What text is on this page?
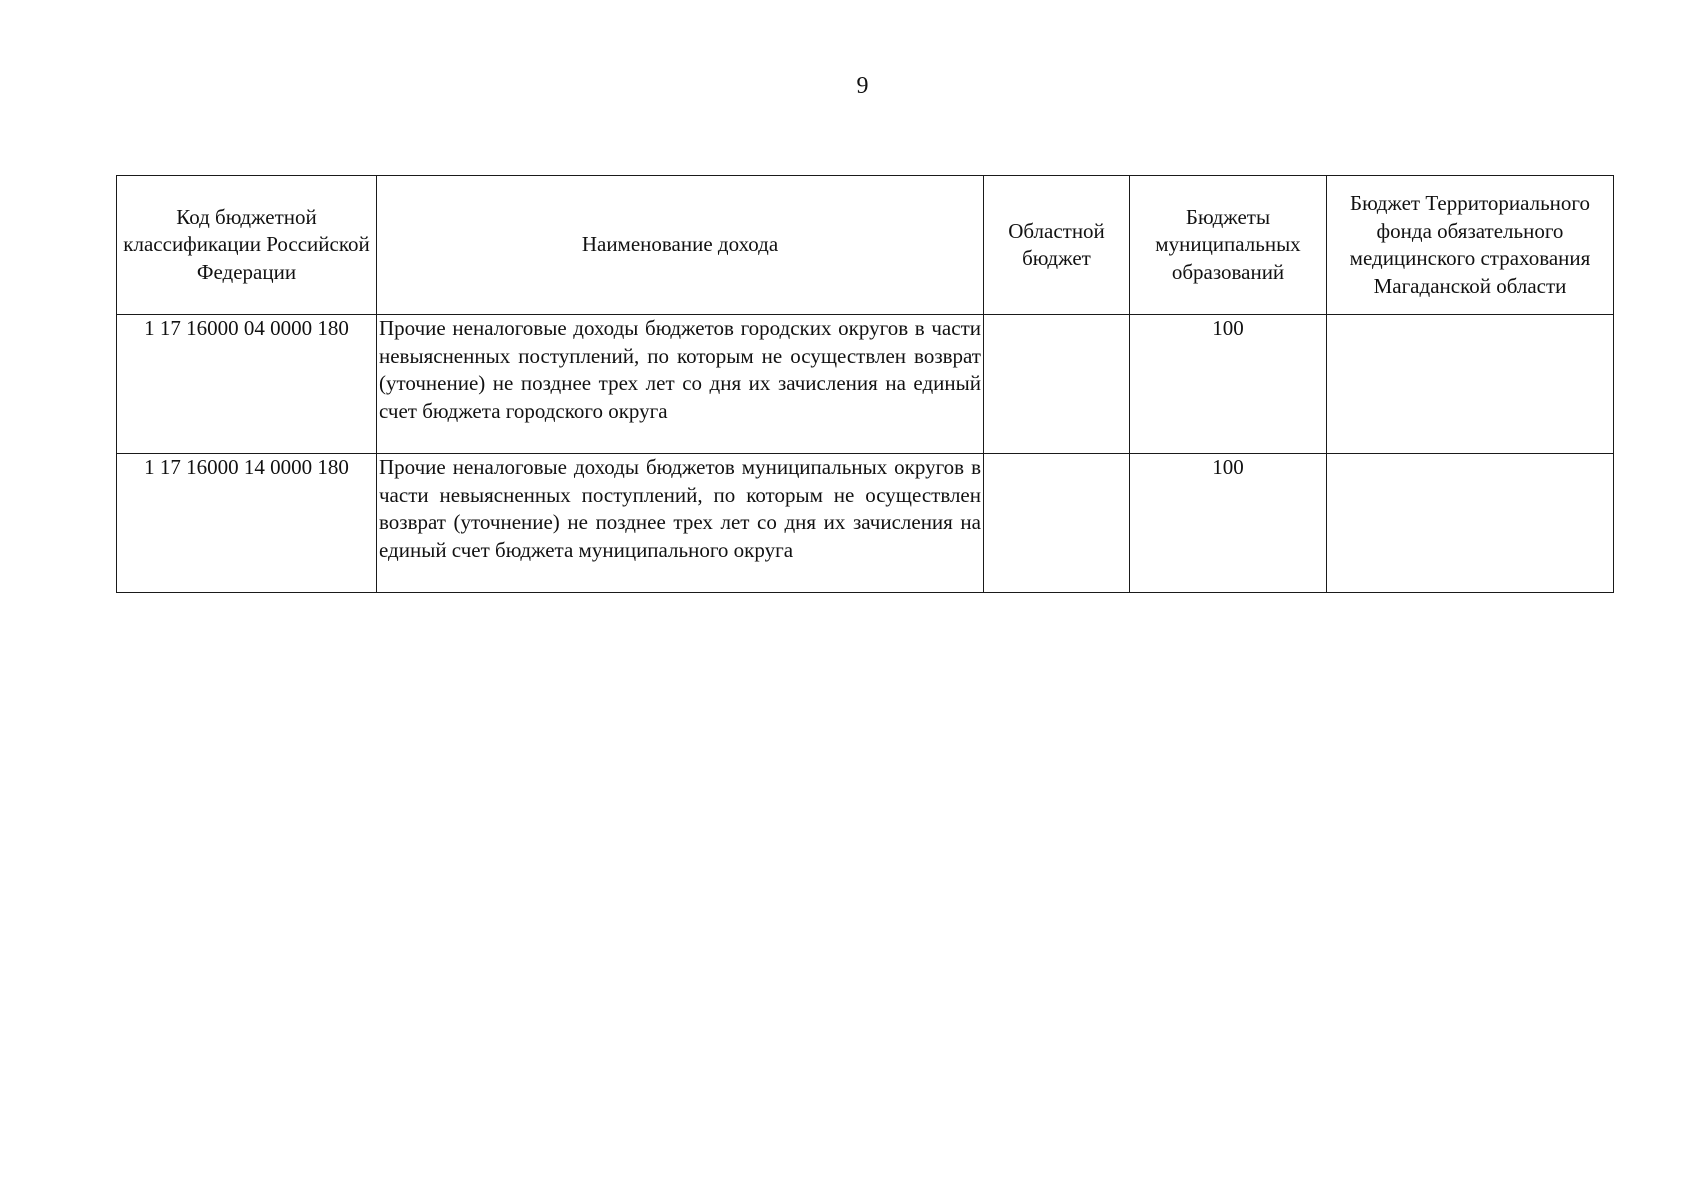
9
Код бюджетной классификации Российской Федерации	Наименование дохода	Областной бюджет	Бюджеты муниципальных образований	Бюджет Территориального фонда обязательного медицинского страхования Магаданской области
1 17 16000 04 0000 180	Прочие неналоговые доходы бюджетов городских округов в части невыясненных поступлений, по которым не осуществлен возврат (уточнение) не позднее трех лет со дня их зачисления на единый счет бюджета городского округа		100	
1 17 16000 14 0000 180	Прочие неналоговые доходы бюджетов муниципальных округов в части невыясненных поступлений, по которым не осуществлен возврат (уточнение) не позднее трех лет со дня их зачисления на единый счет бюджета муниципального округа		100	
